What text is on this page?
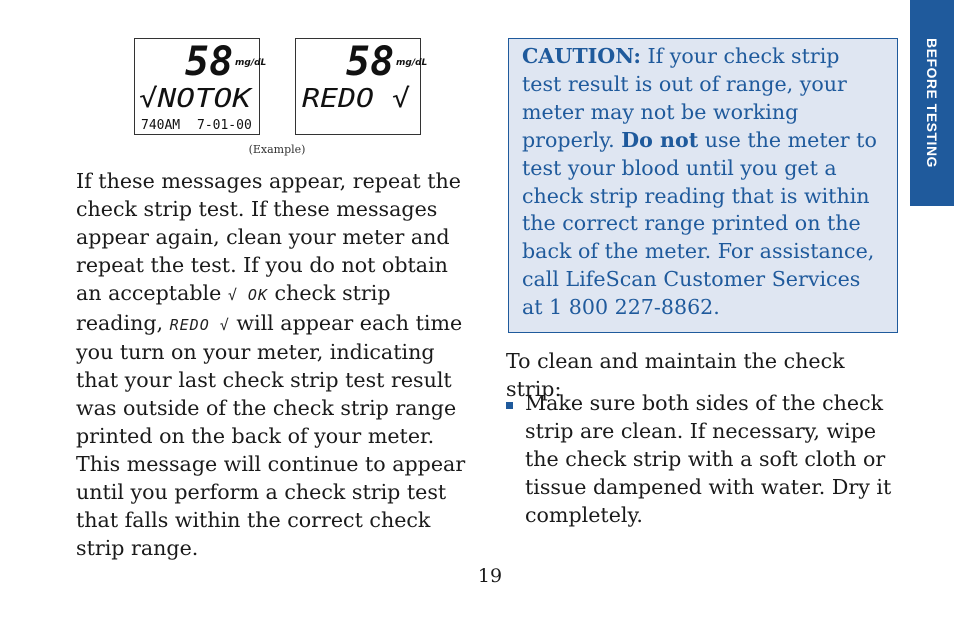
BEFORE TESTING
58 mg/dL
√NOTOK
740AM 7-01-00
58 mg/dL
REDO √
(Example)

If these messages appear, repeat the check strip test. If these messages appear again, clean your meter and repeat the test. If you do not obtain an acceptable √ OK check strip reading, REDO √ will appear each time you turn on your meter, indicating that your last check strip test result was outside of the check strip range printed on the back of your meter. This message will continue to appear until you perform a check strip test that falls within the correct check strip range.

CAUTION: If your check strip test result is out of range, your meter may not be working properly. Do not use the meter to test your blood until you get a check strip reading that is within the correct range printed on the back of the meter. For assistance, call LifeScan Customer Services at 1 800 227-8862.

To clean and maintain the check strip:

Make sure both sides of the check strip are clean. If necessary, wipe the check strip with a soft cloth or tissue dampened with water. Dry it completely.

19
